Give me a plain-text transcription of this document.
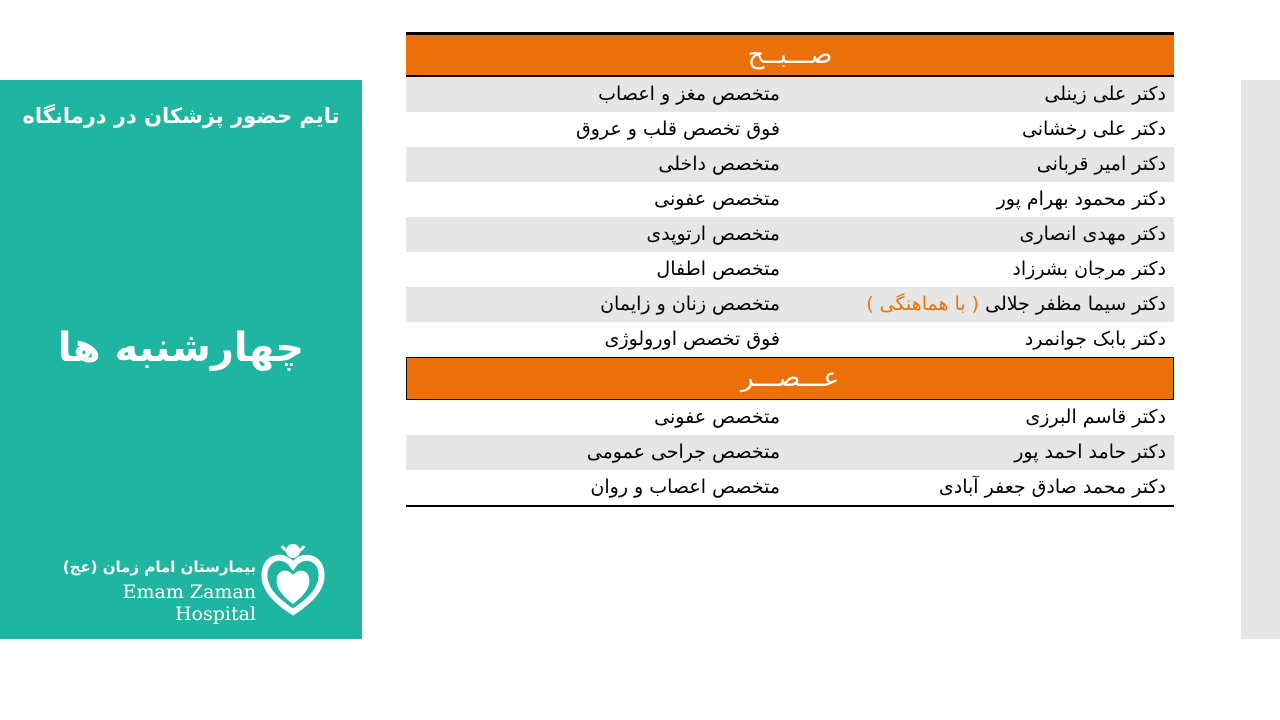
تایم حضور پزشکان در درمانگاه
چهارشنبه ها
بیمارستان امام زمان (عج)
Emam Zaman Hospital
صـــبــح
دکتر علی زینلی
متخصص مغز و اعصاب
دکتر علی رخشانی
فوق تخصص قلب و عروق
دکتر امیر قربانی
متخصص داخلی
دکتر محمود بهرام پور
متخصص عفونی
دکتر مهدی انصاری
متخصص ارتوپدی
دکتر مرجان بشرزاد
متخصص اطفال
دکتر سیما مظفر جلالی ( با هماهنگی )
متخصص زنان و زایمان
دکتر بابک جوانمرد
فوق تخصص اورولوژی
عـــصـــر
دکتر قاسم البرزی
متخصص عفونی
دکتر حامد احمد پور
متخصص جراحی عمومی
دکتر محمد صادق جعفر آبادی
متخصص اعصاب و روان
